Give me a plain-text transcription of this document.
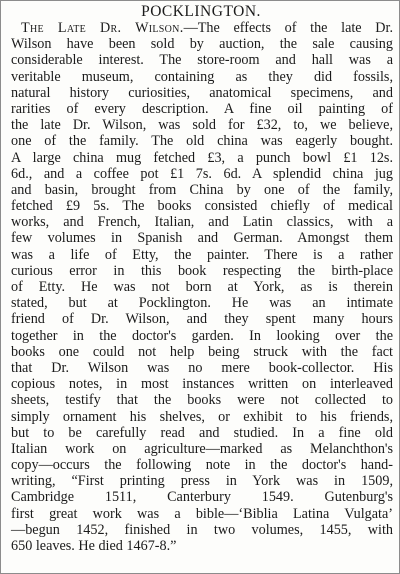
POCKLINGTON.
The Late Dr. Wilson.—The effects of the late Dr.
Wilson have been sold by auction, the sale causing
considerable interest. The store-room and hall was a
veritable museum, containing as they did fossils,
natural history curiosities, anatomical specimens, and
rarities of every description. A fine oil painting of
the late Dr. Wilson, was sold for £32, to, we believe,
one of the family. The old china was eagerly bought.
A large china mug fetched £3, a punch bowl £1 12s.
6d., and a coffee pot £1 7s. 6d. A splendid china jug
and basin, brought from China by one of the family,
fetched £9 5s. The books consisted chiefly of medical
works, and French, Italian, and Latin classics, with a
few volumes in Spanish and German. Amongst them
was a life of Etty, the painter. There is a rather
curious error in this book respecting the birth-place
of Etty. He was not born at York, as is therein
stated, but at Pocklington. He was an intimate
friend of Dr. Wilson, and they spent many hours
together in the doctor's garden. In looking over the
books one could not help being struck with the fact
that Dr. Wilson was no mere book-collector. His
copious notes, in most instances written on interleaved
sheets, testify that the books were not collected to
simply ornament his shelves, or exhibit to his friends,
but to be carefully read and studied. In a fine old
Italian work on agriculture—marked as Melanchthon's
copy—occurs the following note in the doctor's hand-
writing, “First printing press in York was in 1509,
Cambridge 1511, Canterbury 1549. Gutenburg's
first great work was a bible—‘Biblia Latina Vulgata’
—begun 1452, finished in two volumes, 1455, with
650 leaves. He died 1467-8.”
